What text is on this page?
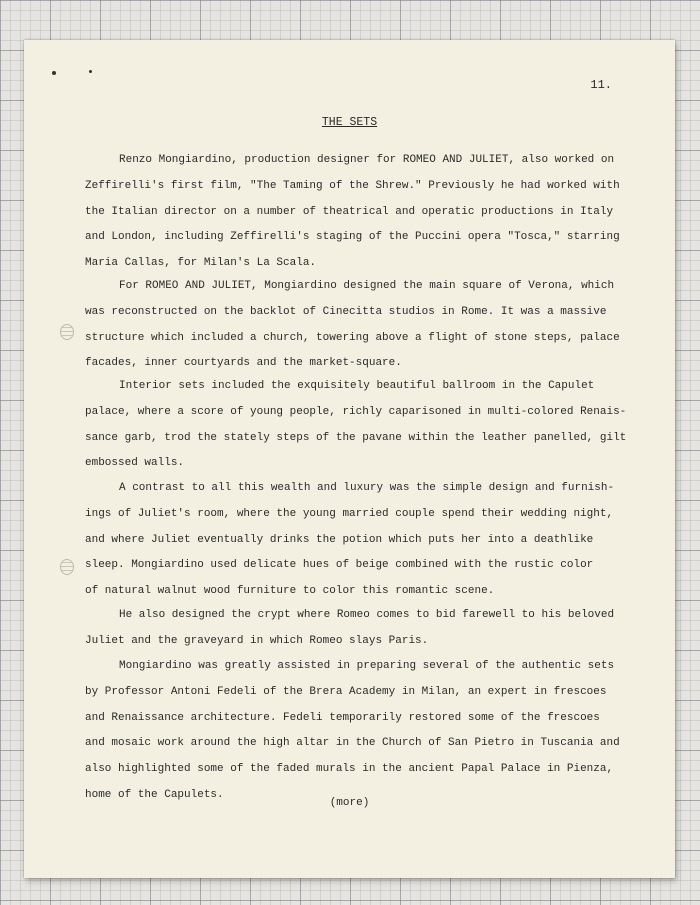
11.
THE SETS
Renzo Mongiardino, production designer for ROMEO AND JULIET, also worked on
Zeffirelli's first film, "The Taming of the Shrew." Previously he had worked with
the Italian director on a number of theatrical and operatic productions in Italy
and London, including Zeffirelli's staging of the Puccini opera "Tosca," starring
Maria Callas, for Milan's La Scala.
For ROMEO AND JULIET, Mongiardino designed the main square of Verona, which
was reconstructed on the backlot of Cinecitta studios in Rome. It was a massive
structure which included a church, towering above a flight of stone steps, palace
facades, inner courtyards and the market-square.
Interior sets included the exquisitely beautiful ballroom in the Capulet
palace, where a score of young people, richly caparisoned in multi-colored Renais-
sance garb, trod the stately steps of the pavane within the leather panelled, gilt
embossed walls.
A contrast to all this wealth and luxury was the simple design and furnish-
ings of Juliet's room, where the young married couple spend their wedding night,
and where Juliet eventually drinks the potion which puts her into a deathlike
sleep. Mongiardino used delicate hues of beige combined with the rustic color
of natural walnut wood furniture to color this romantic scene.
He also designed the crypt where Romeo comes to bid farewell to his beloved
Juliet and the graveyard in which Romeo slays Paris.
Mongiardino was greatly assisted in preparing several of the authentic sets
by Professor Antoni Fedeli of the Brera Academy in Milan, an expert in frescoes
and Renaissance architecture. Fedeli temporarily restored some of the frescoes
and mosaic work around the high altar in the Church of San Pietro in Tuscania and
also highlighted some of the faded murals in the ancient Papal Palace in Pienza,
home of the Capulets.
(more)
